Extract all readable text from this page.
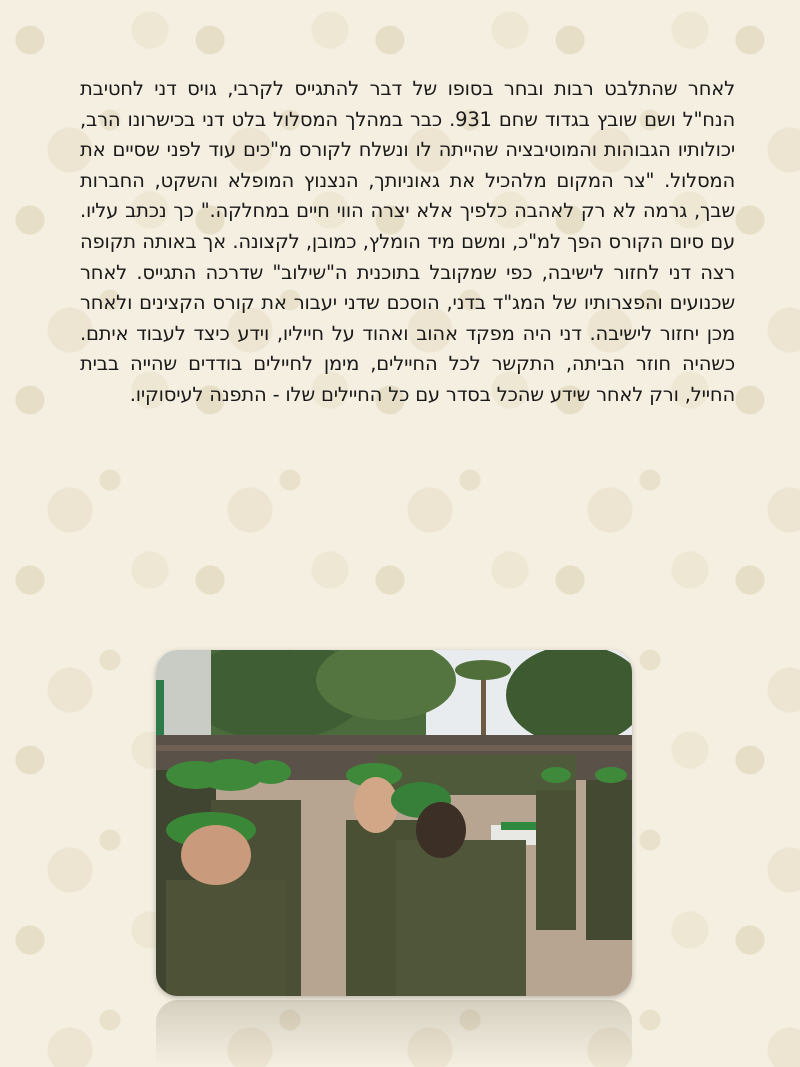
לאחר שהתלבט רבות ובחר בסופו של דבר להתגייס לקרבי, גויס דני לחטיבת הנח"ל ושם שובץ בגדוד שחם 931. כבר במהלך המסלול בלט דני בכישרונו הרב, יכולותיו הגבוהות והמוטיבציה שהייתה לו ונשלח לקורס מ"כים עוד לפני שסיים את המסלול. "צר המקום מלהכיל את גאוניותך, הנצנוץ המופלא והשקט, החברות שבך, גרמה לא רק לאהבה כלפיך אלא יצרה הווי חיים במחלקה." כך נכתב עליו. עם סיום הקורס הפך למ"כ, ומשם מיד הומלץ, כמובן, לקצונה. אך באותה תקופה רצה דני לחזור לישיבה, כפי שמקובל בתוכנית ה"שילוב" שדרכה התגייס. לאחר שכנועים והפצרותיו של המג"ד בדני, הוסכם שדני יעבור את קורס הקצינים ולאחר מכן יחזור לישיבה. דני היה מפקד אהוב ואהוד על חייליו, וידע כיצד לעבוד איתם. כשהיה חוזר הביתה, התקשר לכל החיילים, מימן לחיילים בודדים שהייה בבית החייל, ורק לאחר שידע שהכל בסדר עם כל החיילים שלו - התפנה לעיסוקיו.
